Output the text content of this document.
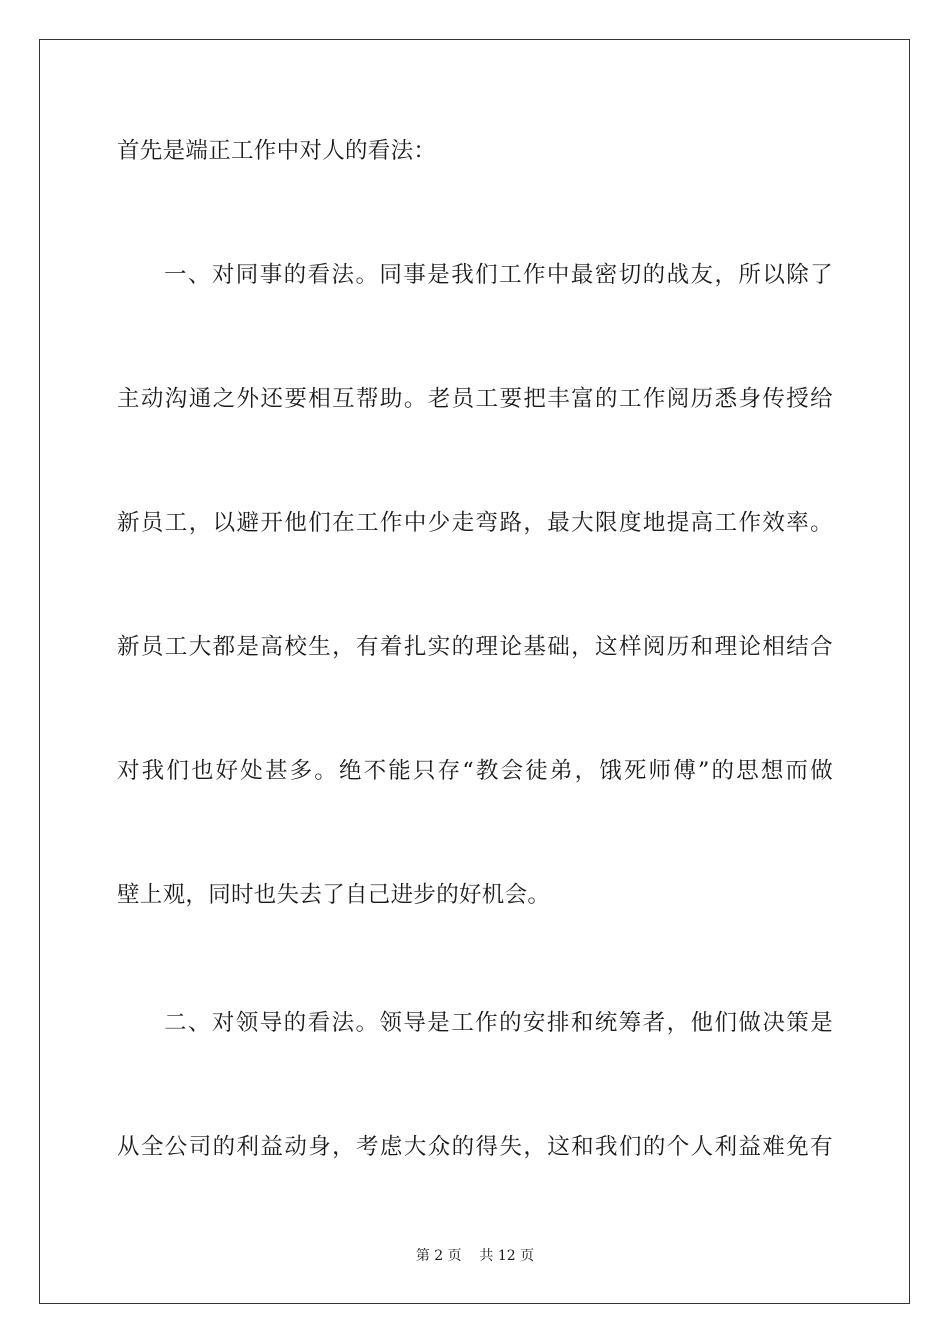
首先是端正工作中对人的看法：
一、对同事的看法。同事是我们工作中最密切的战友，所以除了
主动沟通之外还要相互帮助。老员工要把丰富的工作阅历悉身传授给
新员工，以避开他们在工作中少走弯路，最大限度地提高工作效率。
新员工大都是高校生，有着扎实的理论基础，这样阅历和理论相结合
对我们也好处甚多。绝不能只存“教会徒弟，饿死师傅”的思想而做
壁上观，同时也失去了自己进步的好机会。
二、对领导的看法。领导是工作的安排和统筹者，他们做决策是
从全公司的利益动身，考虑大众的得失，这和我们的个人利益难免有
第 2 页    共 12 页
